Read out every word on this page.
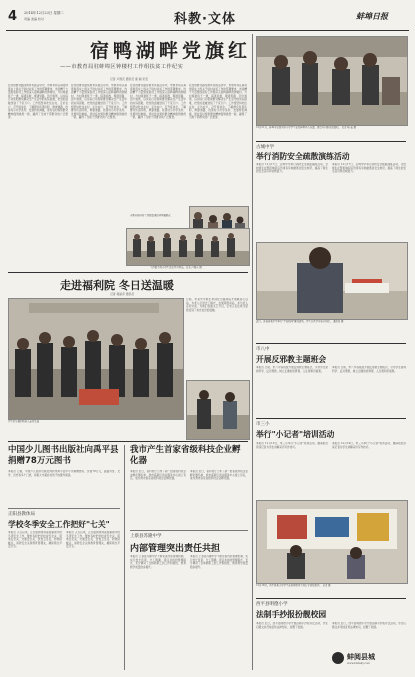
4 2014年12月23日 星期二
责编 美编 校对	科教·文体	蚌埠日报
宿鸭湖畔党旗红
——市教育局驻蚌埠区钟楼村工作组扶贫工作纪实
记者 卢国庆 通讯员 康 瑞 宋宏
在党的群众路线教育实践活动中，市教育局认真贯彻落实上级关于驻村扶贫工作的部署要求，选派精干力量组成驻村工作组深入宿鸭湖畔的钟楼村，与村两委班子一道，摸清底数、理清思路、因户施策，以实际行动帮助群众解决生产生活中的实际困难，把党的温暖送到了千家万户。工作组坚持吃住在村，走访农户，召开座谈会，了解群众所思所盼，修建道路、改善村小办学条件、发展特色种植，使村容村貌和群众精神面貌焕然一新，赢得了当地干部群众的广泛赞誉。
在党的群众路线教育实践活动中，市教育局认真贯彻落实上级关于驻村扶贫工作的部署要求，选派精干力量组成驻村工作组深入宿鸭湖畔的钟楼村，与村两委班子一道，摸清底数、理清思路、因户施策，以实际行动帮助群众解决生产生活中的实际困难，把党的温暖送到了千家万户。工作组坚持吃住在村，走访农户，召开座谈会，了解群众所思所盼，修建道路、改善村小办学条件、发展特色种植，使村容村貌和群众精神面貌焕然一新，赢得了当地干部群众的广泛赞誉。
在党的群众路线教育实践活动中，市教育局认真贯彻落实上级关于驻村扶贫工作的部署要求，选派精干力量组成驻村工作组深入宿鸭湖畔的钟楼村，与村两委班子一道，摸清底数、理清思路、因户施策，以实际行动帮助群众解决生产生活中的实际困难，把党的温暖送到了千家万户。工作组坚持吃住在村，走访农户，召开座谈会，了解群众所思所盼，修建道路、改善村小办学条件、发展特色种植，使村容村貌和群众精神面貌焕然一新，赢得了当地干部群众的广泛赞誉。
在党的群众路线教育实践活动中，市教育局认真贯彻落实上级关于驻村扶贫工作的部署要求，选派精干力量组成驻村工作组深入宿鸭湖畔的钟楼村，与村两委班子一道，摸清底数、理清思路、因户施策，以实际行动帮助群众解决生产生活中的实际困难，把党的温暖送到了千家万户。工作组坚持吃住在村，走访农户，召开座谈会，了解群众所思所盼，修建道路、改善村小办学条件、发展特色种植，使村容村貌和群众精神面貌焕然一新，赢得了当地干部群众的广泛赞誉。
市教育局驻村工作组看望慰问困难群众
工作组为村小学生送去学习用品。记者 卢国庆 摄
12月21日，蚌埠市第四实验小学学生在校园里开心玩耍，感受冬日阳光的温暖。 记者 杨 淼 摄
古城中学
举行消防安全疏散演练活动
本报讯 12月17日，古城中学举行消防安全疏散演练活动，全校师生在警报响起后迅速有序地撤离到安全地带，提高了师生的安全意识和自救能力。
本报讯 12月17日，古城中学举行消防安全疏散演练活动，全校师生在警报响起后迅速有序地撤离到安全地带，提高了师生的安全意识和自救能力。
近日，汝南县某中学举行"平安校园"建设活动，学生认真学习安全知识。 通讯员 摄
市八中
开展反邪教主题班会
本报讯 日前，市八中各班级开展反邪教主题班会，引导学生崇尚科学、反对邪教，树立正确的世界观、人生观和价值观。
本报讯 日前，市八中各班级开展反邪教主题班会，引导学生崇尚科学、反对邪教，树立正确的世界观、人生观和价值观。
市三小
举行"小记者"培训活动
本报讯 12月19日，市三小举行"小记者"培训活动，邀请报社资深记者为学生讲解采访写作技巧。
本报讯 12月19日，市三小举行"小记者"培训活动，邀请报社资深记者为学生讲解采访写作技巧。
12月18日，西平县某小学学生在老师指导下进行手抄报创作。 记者 摄
西平县明德小学
法制手抄报扮靓校园
本报讯 近日，西平县明德小学开展法制手抄报评比活动，学生们图文并茂地宣传法律知识，扮靓了校园。
本报讯 近日，西平县明德小学开展法制手抄报评比活动，学生们图文并茂地宣传法律知识，扮靓了校园。
蚌阅县城
www.bbdaily.com
走进福利院 冬日送温暖
记者 蒋丽萍 通讯员
日前，市某中学师生来到社会福利院开展献爱心活动，为老人们送去了棉衣、水果等慰问品，并与老人亲切交谈，为他们表演文艺节目，让老人们在寒冬里感受到了来自社会的温暖。
学生们与福利院老人亲切交流
中国少儿图书出版社向禹平县捐赠78万元图书
本报讯 日前，中国少儿图书出版社向我市禹平县中小学捐赠图书，价值78万元，涵盖科普、文学、历史等多个门类，将极大丰富农村孩子的课外阅读。
我市产生首家省级科技企业孵化器
本报讯 近日，省科技厅公布了新一批省级科技企业孵化器名单，我市高新区创业服务中心榜上有名，成为我市首家省级科技企业孵化器。
本报讯 近日，省科技厅公布了新一批省级科技企业孵化器名单，我市高新区创业服务中心榜上有名，成为我市首家省级科技企业孵化器。
正阳县教体局
学校冬季安全工作把好"七关"
本报讯 入冬以来，正阳县教体局高度重视学校冬季安全工作，要求各校把好校舍安全关、用电安全关、交通安全关、饮食卫生关、防寒保暖关、消防安全关和教育管理关，确保师生平安过冬。
本报讯 入冬以来，正阳县教体局高度重视学校冬季安全工作，要求各校把好校舍安全关、用电安全关、交通安全关、饮食卫生关、防寒保暖关、消防安全关和教育管理关，确保师生平安过冬。
上蔡县苏隆中学
内部管理突出责任共担
本报讯 上蔡县苏隆中学不断完善内部管理机制，实行校长负责、分工明确、责任共担的管理模式，充分调动了全体教职工的工作积极性，教育教学质量稳步提升。
本报讯 上蔡县苏隆中学不断完善内部管理机制，实行校长负责、分工明确、责任共担的管理模式，充分调动了全体教职工的工作积极性，教育教学质量稳步提升。
